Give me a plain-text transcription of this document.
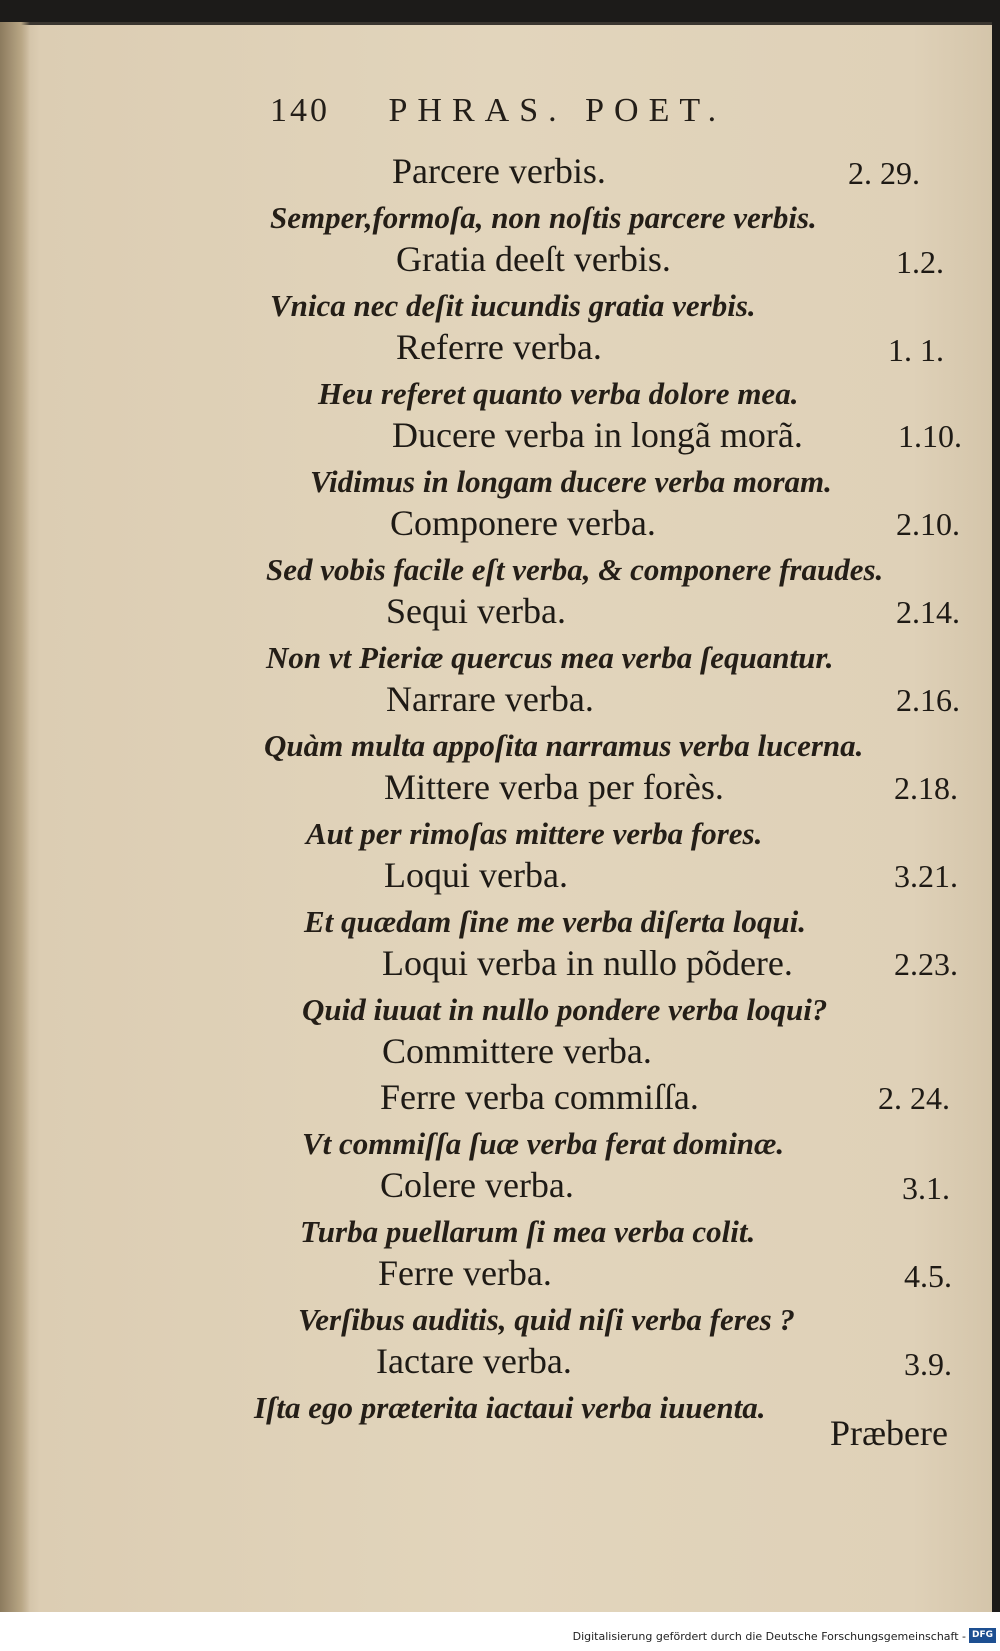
140 PHRAS. POET.
Parcere verbis.	2. 29.
Semper,formoſa, non noſtis parcere verbis.
Gratia deeſt verbis.	1.2.
Vnica nec deſit iucundis gratia verbis.
Referre verba.	1. 1.
Heu referet quanto verba dolore mea.
Ducere verba in longã morã.	1.10.
Vidimus in longam ducere verba moram.
Componere verba.	2.10.
Sed vobis facile eſt verba, & componere fraudes.
Sequi verba.	2.14.
Non vt Pieriæ quercus mea verba ſequantur.
Narrare verba.	2.16.
Quàm multa appoſita narramus verba lucerna.
Mittere verba per forès.	2.18.
Aut per rimoſas mittere verba fores.
Loqui verba.	3.21.
Et quædam ſine me verba diſerta loqui.
Loqui verba in nullo põdere.	2.23.
Quid iuuat in nullo pondere verba loqui?
Committere verba.
Ferre verba commiſſa.	2. 24.
Vt commiſſa ſuæ verba ferat dominæ.
Colere verba.	3.1.
Turba puellarum ſi mea verba colit.
Ferre verba.	4.5.
Verſibus auditis, quid niſi verba feres ?
Iactare verba.	3.9.
Iſta ego præterita iactaui verba iuuenta.
Præbere
Digitalisierung gefördert durch die Deutsche Forschungsgemeinschaft - DFG
